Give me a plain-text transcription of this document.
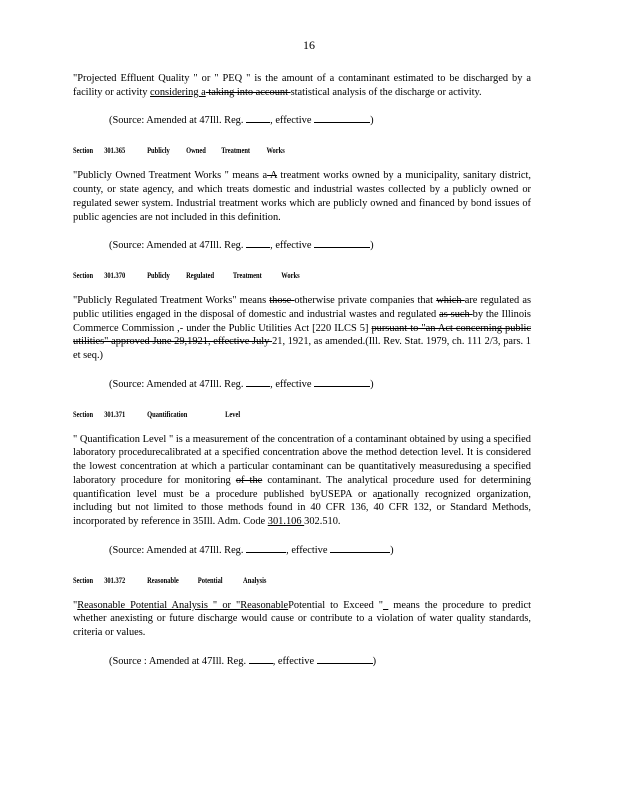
16

"Projected Effluent Quality " or " PEQ " is the amount of a contaminant estimated to be discharged by a facility or activity considering a taking into account statistical analysis of the discharge or activity.

(Source: Amended at 47Ill. Reg.	, effective	)
Section 301.365	Publicly Owned Treatment Works

"Publicly Owned Treatment Works " means a A treatment works owned by a municipality, sanitary district, county, or state agency, and which treats domestic and industrial wastes collected by a publicly owned or regulated sewer system. Industrial treatment works which are publicly owned and financed by bond issues of public agencies are not included in this definition.

(Source: Amended at 47Ill. Reg.	, effective	)
Section 301.370	Publicly Regulated Treatment Works

"Publicly Regulated Treatment Works" means those otherwise private companies that which are regulated as public utilities engaged in the disposal of domestic and industrial wastes and regulated as such by the Illinois Commerce Commission ,- under the Public Utilities Act [220 ILCS 5] pursuant to "an Act concerning public utilities" approved June 29,1921, effective July 21, 1921, as amended.(Ill. Rev. Stat. 1979, ch. 111 2/3, pars. 1 et seq.)

(Source: Amended at 47Ill. Reg.	, effective	)
Section 301.371	Quantification	Level

" Quantification Level " is a measurement of the concentration of a contaminant obtained by using a specified laboratory procedurecalibrated at a specified concentration above the method detection level. It is considered the lowest concentration at which a particular contaminant can be quantitatively measuredusing a specified laboratory procedure for monitoring of the contaminant. The analytical procedure used for determining quantification level must be a procedure published byUSEPA or anationally recognized organization, including but not limited to those methods found in 40 CFR 136, 40 CFR 132, or Standard Methods, incorporated by reference in 35Ill. Adm. Code 301.106 302.510.

(Source: Amended at 47Ill. Reg.	, effective	)
Section 301.372	Reasonable Potential Analysis

"Reasonable Potential Analysis "_or "ReasonablePotential to Exceed "_ means the procedure to predict whether anexisting or future discharge would cause or contribute to a violation of water quality standards, criteria or values.

(Source : Amended at 47Ill. Reg.	, effective	)
